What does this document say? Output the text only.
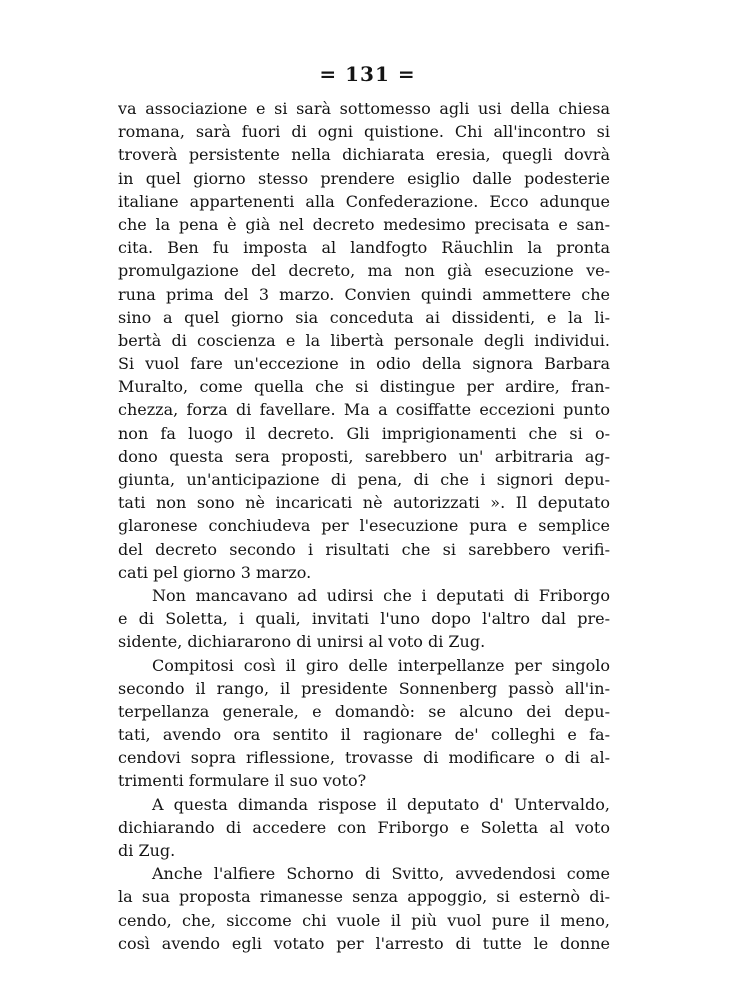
= 131 =
va associazione e si sarà sottomesso agli usi della chiesa
romana, sarà fuori di ogni quistione. Chi all'incontro si
troverà persistente nella dichiarata eresia, quegli dovrà
in quel giorno stesso prendere esiglio dalle podesterie
italiane appartenenti alla Confederazione. Ecco adunque
che la pena è già nel decreto medesimo precisata e san-
cita. Ben fu imposta al landfogto Räuchlin la pronta
promulgazione del decreto, ma non già esecuzione ve-
runa prima del 3 marzo. Convien quindi ammettere che
sino a quel giorno sia conceduta ai dissidenti, e la li-
bertà di coscienza e la libertà personale degli individui.
Si vuol fare un'eccezione in odio della signora Barbara
Muralto, come quella che si distingue per ardire, fran-
chezza, forza di favellare. Ma a cosiffatte eccezioni punto
non fa luogo il decreto. Gli imprigionamenti che si o-
dono questa sera proposti, sarebbero un' arbitraria ag-
giunta, un'anticipazione di pena, di che i signori depu-
tati non sono nè incaricati nè autorizzati ». Il deputato
glaronese conchiudeva per l'esecuzione pura e semplice
del decreto secondo i risultati che si sarebbero verifi-
cati pel giorno 3 marzo.
Non mancavano ad udirsi che i deputati di Friborgo
e di Soletta, i quali, invitati l'uno dopo l'altro dal pre-
sidente, dichiararono di unirsi al voto di Zug.
Compitosi così il giro delle interpellanze per singolo
secondo il rango, il presidente Sonnenberg passò all'in-
terpellanza generale, e domandò: se alcuno dei depu-
tati, avendo ora sentito il ragionare de' colleghi e fa-
cendovi sopra riflessione, trovasse di modificare o di al-
trimenti formulare il suo voto?
A questa dimanda rispose il deputato d' Untervaldo,
dichiarando di accedere con Friborgo e Soletta al voto
di Zug.
Anche l'alfiere Schorno di Svitto, avvedendosi come
la sua proposta rimanesse senza appoggio, si esternò di-
cendo, che, siccome chi vuole il più vuol pure il meno,
così avendo egli votato per l'arresto di tutte le donne
